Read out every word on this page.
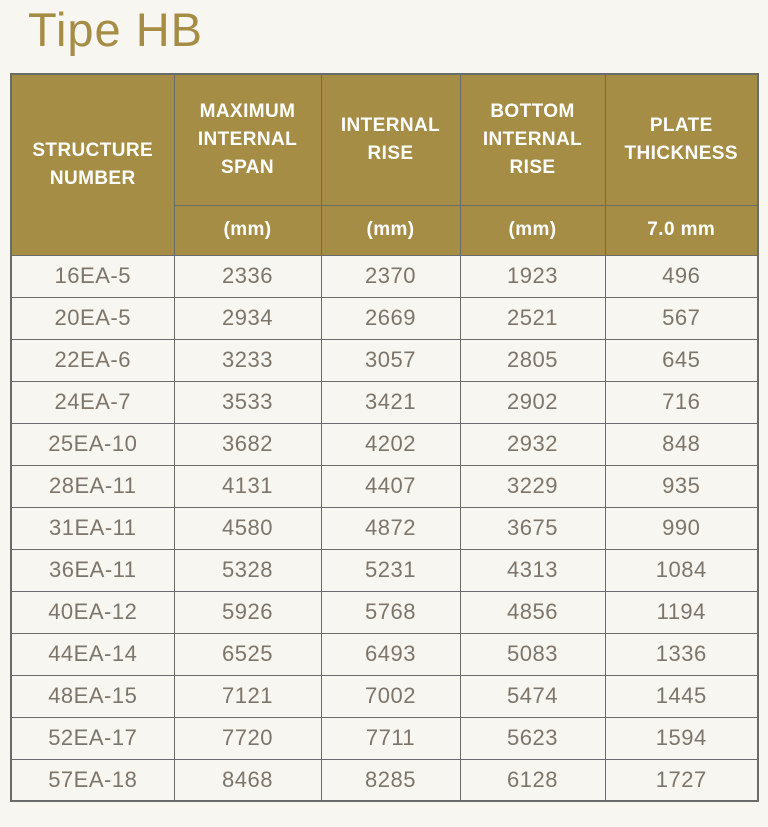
Tipe HB
STRUCTURE NUMBER	MAXIMUM INTERNAL SPAN	INTERNAL RISE	BOTTOM INTERNAL RISE	PLATE THICKNESS
	(mm)	(mm)	(mm)	7.0 mm
16EA-5	2336	2370	1923	496
20EA-5	2934	2669	2521	567
22EA-6	3233	3057	2805	645
24EA-7	3533	3421	2902	716
25EA-10	3682	4202	2932	848
28EA-11	4131	4407	3229	935
31EA-11	4580	4872	3675	990
36EA-11	5328	5231	4313	1084
40EA-12	5926	5768	4856	1194
44EA-14	6525	6493	5083	1336
48EA-15	7121	7002	5474	1445
52EA-17	7720	7711	5623	1594
57EA-18	8468	8285	6128	1727
